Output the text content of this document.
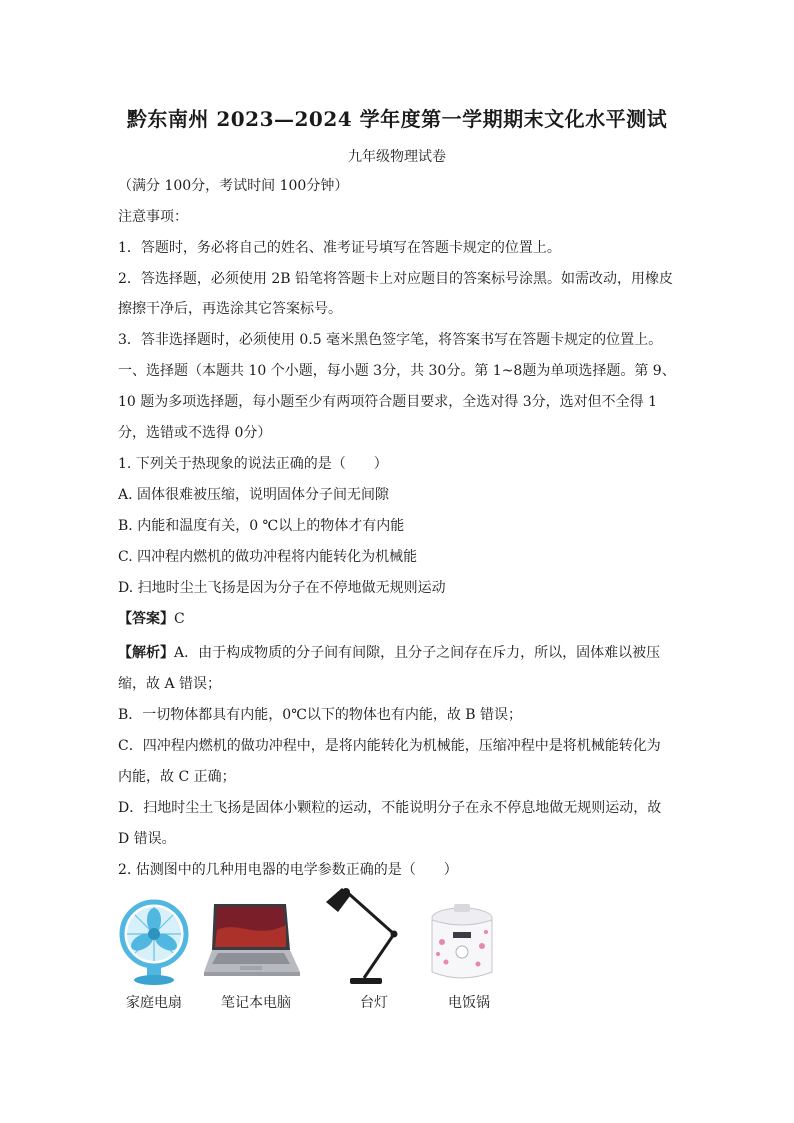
黔东南州 2023—2024 学年度第一学期期末文化水平测试
九年级物理试卷
（满分 100分，考试时间 100分钟）
注意事项：
1．答题时，务必将自己的姓名、准考证号填写在答题卡规定的位置上。
2．答选择题，必须使用 2B 铅笔将答题卡上对应题目的答案标号涂黑。如需改动，用橡皮
擦擦干净后，再选涂其它答案标号。
3．答非选择题时，必须使用 0.5 毫米黑色签字笔，将答案书写在答题卡规定的位置上。
一、选择题（本题共 10 个小题，每小题 3分，共 30分。第 1~8题为单项选择题。第 9、
10 题为多项选择题，每小题至少有两项符合题目要求，全选对得 3分，选对但不全得 1
分，选错或不选得 0分）
1. 下列关于热现象的说法正确的是（　　）
A. 固体很难被压缩，说明固体分子间无间隙
B. 内能和温度有关，0 ℃以上的物体才有内能
C. 四冲程内燃机的做功冲程将内能转化为机械能
D. 扫地时尘土飞扬是因为分子在不停地做无规则运动
【答案】C
【解析】A．由于构成物质的分子间有间隙，且分子之间存在斥力，所以，固体难以被压
缩，故 A 错误；
B．一切物体都具有内能，0℃以下的物体也有内能，故 B 错误；
C．四冲程内燃机的做功冲程中，是将内能转化为机械能，压缩冲程中是将机械能转化为
内能，故 C 正确；
D．扫地时尘土飞扬是固体小颗粒的运动，不能说明分子在永不停息地做无规则运动，故
D 错误。
2. 估测图中的几种用电器的电学参数正确的是（　　）
家庭电扇	笔记本电脑	台灯	电饭锅
